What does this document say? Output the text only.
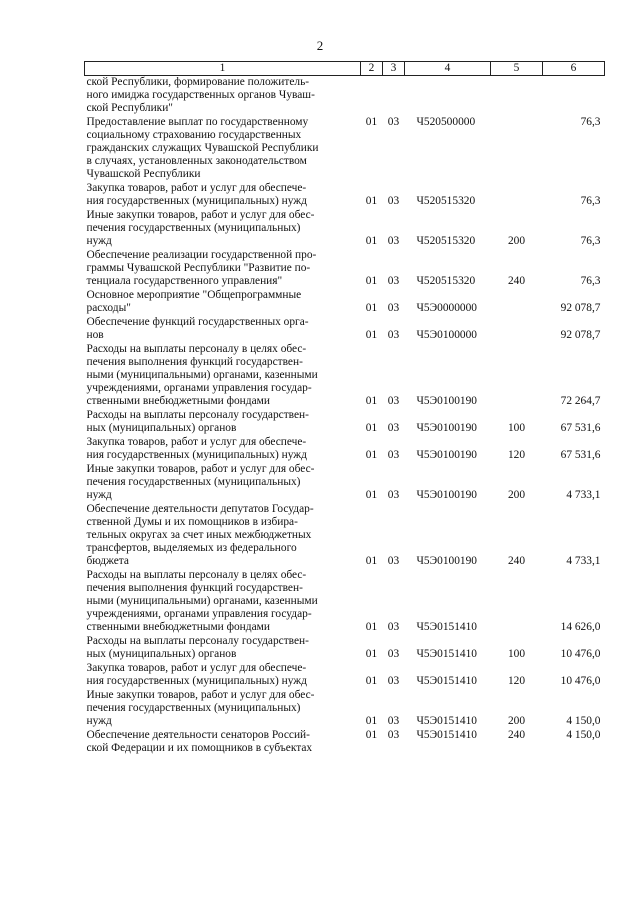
2
1	2	3	4	5	6
ской Республики, формирование положитель-
ного имиджа государственных органов Чуваш-
ской Республики"					
Предоставление выплат по государственному
социальному страхованию государственных
гражданских служащих Чувашской Республики
в случаях, установленных законодательством
Чувашской Республики	01	03	Ч520500000		76,3
Закупка товаров, работ и услуг для обеспече-
ния государственных (муниципальных) нужд	01	03	Ч520515320		76,3
Иные закупки товаров, работ и услуг для обес-
печения государственных (муниципальных)
нужд	01	03	Ч520515320	200	76,3
Обеспечение реализации государственной про-
граммы Чувашской Республики "Развитие по-
тенциала государственного управления"	01	03	Ч520515320	240	76,3
Основное мероприятие "Общепрограммные
расходы"	01	03	Ч5Э0000000		92 078,7
Обеспечение функций государственных орга-
нов	01	03	Ч5Э0100000		92 078,7
Расходы на выплаты персоналу в целях обес-
печения выполнения функций государствен-
ными (муниципальными) органами, казенными
учреждениями, органами управления государ-
ственными внебюджетными фондами	01	03	Ч5Э0100190		72 264,7
Расходы на выплаты персоналу государствен-
ных (муниципальных) органов	01	03	Ч5Э0100190	100	67 531,6
Закупка товаров, работ и услуг для обеспече-
ния государственных (муниципальных) нужд	01	03	Ч5Э0100190	120	67 531,6
Иные закупки товаров, работ и услуг для обес-
печения государственных (муниципальных)
нужд	01	03	Ч5Э0100190	200	4 733,1
Обеспечение деятельности депутатов Государ-
ственной Думы и их помощников в избира-
тельных округах за счет иных межбюджетных
трансфертов, выделяемых из федерального
бюджета	01	03	Ч5Э0100190	240	4 733,1
Расходы на выплаты персоналу в целях обес-
печения выполнения функций государствен-
ными (муниципальными) органами, казенными
учреждениями, органами управления государ-
ственными внебюджетными фондами	01	03	Ч5Э0151410		14 626,0
Расходы на выплаты персоналу государствен-
ных (муниципальных) органов	01	03	Ч5Э0151410	100	10 476,0
Закупка товаров, работ и услуг для обеспече-
ния государственных (муниципальных) нужд	01	03	Ч5Э0151410	120	10 476,0
Иные закупки товаров, работ и услуг для обес-
печения государственных (муниципальных)
нужд	01	03	Ч5Э0151410	200	4 150,0
Обеспечение деятельности сенаторов Россий-
ской Федерации и их помощников в субъектах	01	03	Ч5Э0151410	240	4 150,0
